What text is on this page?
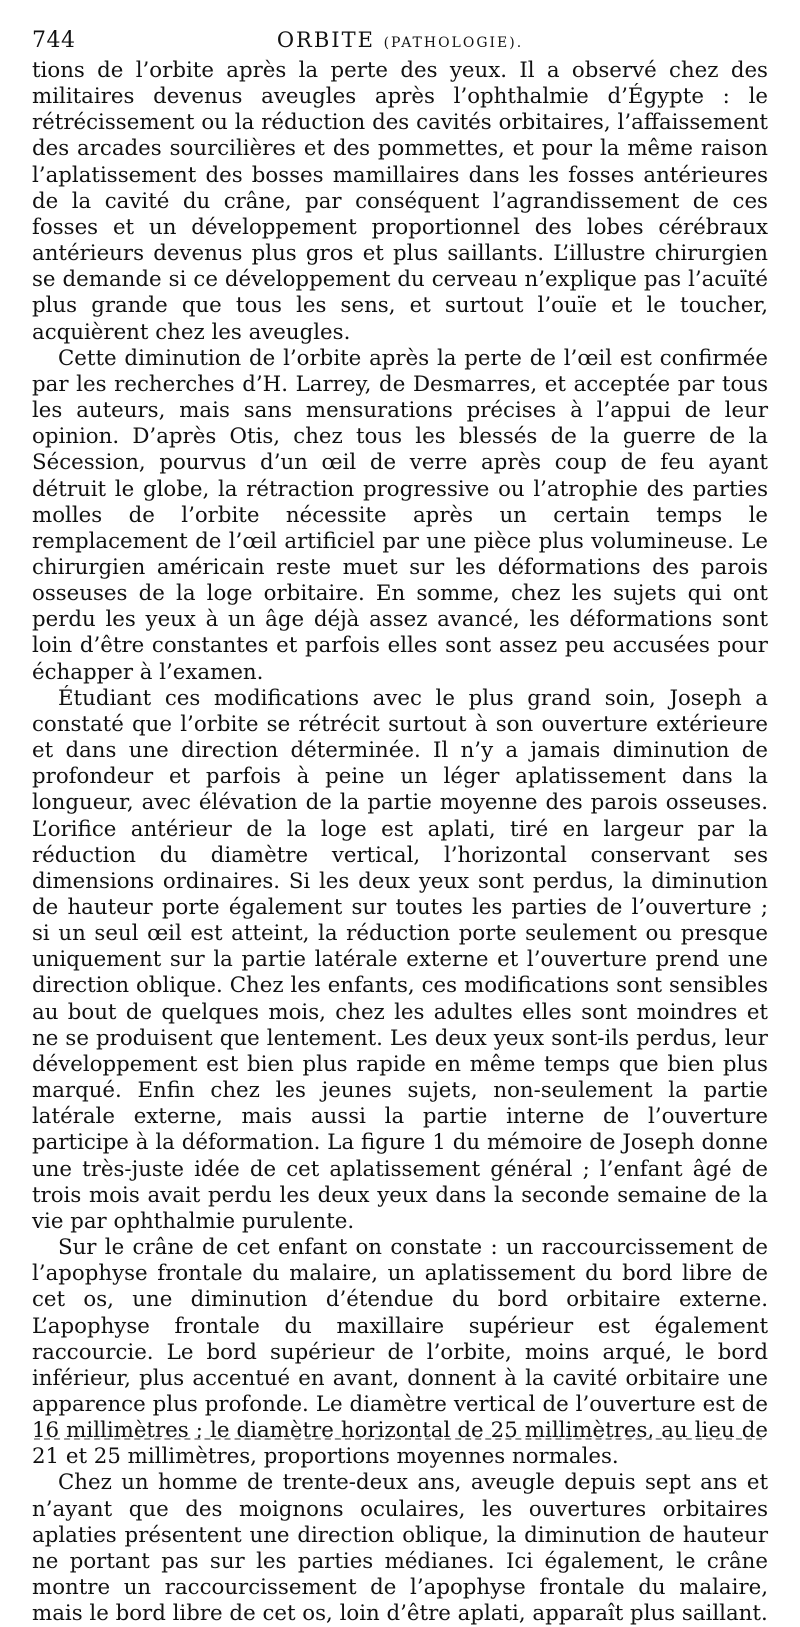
744	ORBITE (PATHOLOGIE).

tions de l’orbite après la perte des yeux. Il a observé chez des militaires devenus aveugles après l’ophthalmie d’Égypte : le rétrécissement ou la réduction des cavités orbitaires, l’affaissement des arcades sourcilières et des pommettes, et pour la même raison l’aplatissement des bosses mamillaires dans les fosses antérieures de la cavité du crâne, par conséquent l’agrandissement de ces fosses et un développement proportionnel des lobes cérébraux antérieurs devenus plus gros et plus saillants. L’illustre chirurgien se demande si ce développement du cerveau n’explique pas l’acuïté plus grande que tous les sens, et surtout l’ouïe et le toucher, acquièrent chez les aveugles.

Cette diminution de l’orbite après la perte de l’œil est confirmée par les recherches d’H. Larrey, de Desmarres, et acceptée par tous les auteurs, mais sans mensurations précises à l’appui de leur opinion. D’après Otis, chez tous les blessés de la guerre de la Sécession, pourvus d’un œil de verre après coup de feu ayant détruit le globe, la rétraction progressive ou l’atrophie des parties molles de l’orbite nécessite après un certain temps le remplacement de l’œil artificiel par une pièce plus volumineuse. Le chirurgien américain reste muet sur les déformations des parois osseuses de la loge orbitaire. En somme, chez les sujets qui ont perdu les yeux à un âge déjà assez avancé, les déformations sont loin d’être constantes et parfois elles sont assez peu accusées pour échapper à l’examen.

Étudiant ces modifications avec le plus grand soin, Joseph a constaté que l’orbite se rétrécit surtout à son ouverture extérieure et dans une direction déterminée. Il n’y a jamais diminution de profondeur et parfois à peine un léger aplatissement dans la longueur, avec élévation de la partie moyenne des parois osseuses. L’orifice antérieur de la loge est aplati, tiré en largeur par la réduction du diamètre vertical, l’horizontal conservant ses dimensions ordinaires. Si les deux yeux sont perdus, la diminution de hauteur porte également sur toutes les parties de l’ouverture ; si un seul œil est atteint, la réduction porte seulement ou presque uniquement sur la partie latérale externe et l’ouverture prend une direction oblique. Chez les enfants, ces modifications sont sensibles au bout de quelques mois, chez les adultes elles sont moindres et ne se produisent que lentement. Les deux yeux sont-ils perdus, leur développement est bien plus rapide en même temps que bien plus marqué. Enfin chez les jeunes sujets, non-seulement la partie latérale externe, mais aussi la partie interne de l’ouverture participe à la déformation. La figure 1 du mémoire de Joseph donne une très-juste idée de cet aplatissement général ; l’enfant âgé de trois mois avait perdu les deux yeux dans la seconde semaine de la vie par ophthalmie purulente.

Sur le crâne de cet enfant on constate : un raccourcissement de l’apophyse frontale du malaire, un aplatissement du bord libre de cet os, une diminution d’étendue du bord orbitaire externe. L’apophyse frontale du maxillaire supérieur est également raccourcie. Le bord supérieur de l’orbite, moins arqué, le bord inférieur, plus accentué en avant, donnent à la cavité orbitaire une apparence plus profonde. Le diamètre vertical de l’ouverture est de 16 millimètres ; le diamètre horizontal de 25 millimètres, au lieu de 21 et 25 millimètres, proportions moyennes normales.

Chez un homme de trente-deux ans, aveugle depuis sept ans et n’ayant que des moignons oculaires, les ouvertures orbitaires aplaties présentent une direction oblique, la diminution de hauteur ne portant pas sur les parties médianes. Ici également, le crâne montre un raccourcissement de l’apophyse frontale du malaire, mais le bord libre de cet os, loin d’être aplati, apparaît plus saillant.
